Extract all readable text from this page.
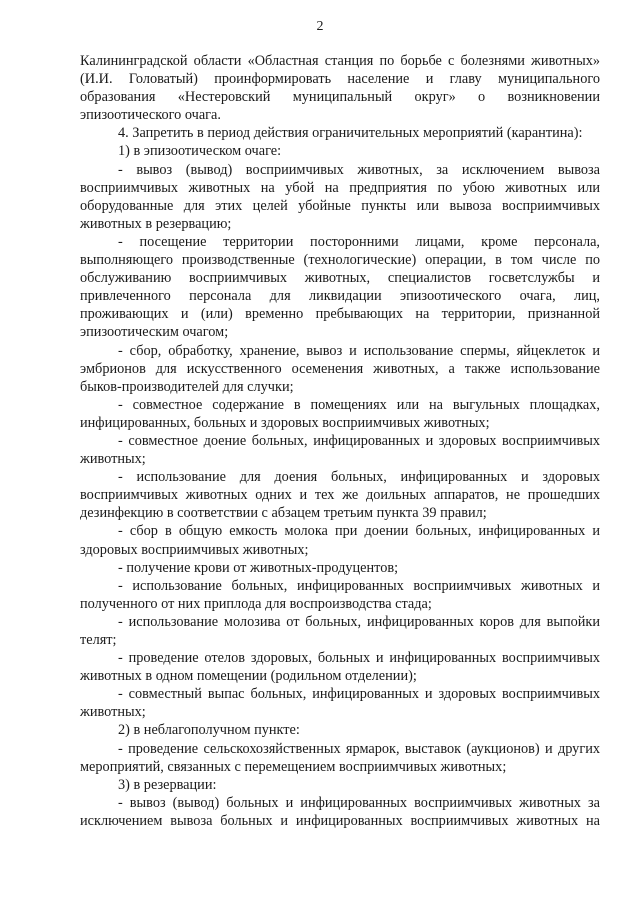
2

Калининградской области «Областная станция по борьбе с болезнями животных» (И.И. Головатый) проинформировать население и главу муниципального образования «Нестеровский муниципальный округ» о возникновении эпизоотического очага.

4. Запретить в период действия ограничительных мероприятий (карантина):

1) в эпизоотическом очаге:

- вывоз (вывод) восприимчивых животных, за исключением вывоза восприимчивых животных на убой на предприятия по убою животных или оборудованные для этих целей убойные пункты или вывоза восприимчивых животных в резервацию;

- посещение территории посторонними лицами, кроме персонала, выполняющего производственные (технологические) операции, в том числе по обслуживанию восприимчивых животных, специалистов госветслужбы и привлеченного персонала для ликвидации эпизоотического очага, лиц, проживающих и (или) временно пребывающих на территории, признанной эпизоотическим очагом;

- сбор, обработку, хранение, вывоз и использование спермы, яйцеклеток и эмбрионов для искусственного осеменения животных, а также использование быков-производителей для случки;

- совместное содержание в помещениях или на выгульных площадках, инфицированных, больных и здоровых восприимчивых животных;

- совместное доение больных, инфицированных и здоровых восприимчивых животных;

- использование для доения больных, инфицированных и здоровых восприимчивых животных одних и тех же доильных аппаратов, не прошедших дезинфекцию в соответствии с абзацем третьим пункта 39 правил;

- сбор в общую емкость молока при доении больных, инфицированных и здоровых восприимчивых животных;

- получение крови от животных-продуцентов;

- использование больных, инфицированных восприимчивых животных и полученного от них приплода для воспроизводства стада;

- использование молозива от больных, инфицированных коров для выпойки телят;

- проведение отелов здоровых, больных и инфицированных восприимчивых животных в одном помещении (родильном отделении);

- совместный выпас больных, инфицированных и здоровых восприимчивых животных;

2) в неблагополучном пункте:

- проведение сельскохозяйственных ярмарок, выставок (аукционов) и других мероприятий, связанных с перемещением восприимчивых животных;

3) в резервации:

- вывоз (вывод) больных и инфицированных восприимчивых животных за исключением вывоза больных и инфицированных восприимчивых животных на
